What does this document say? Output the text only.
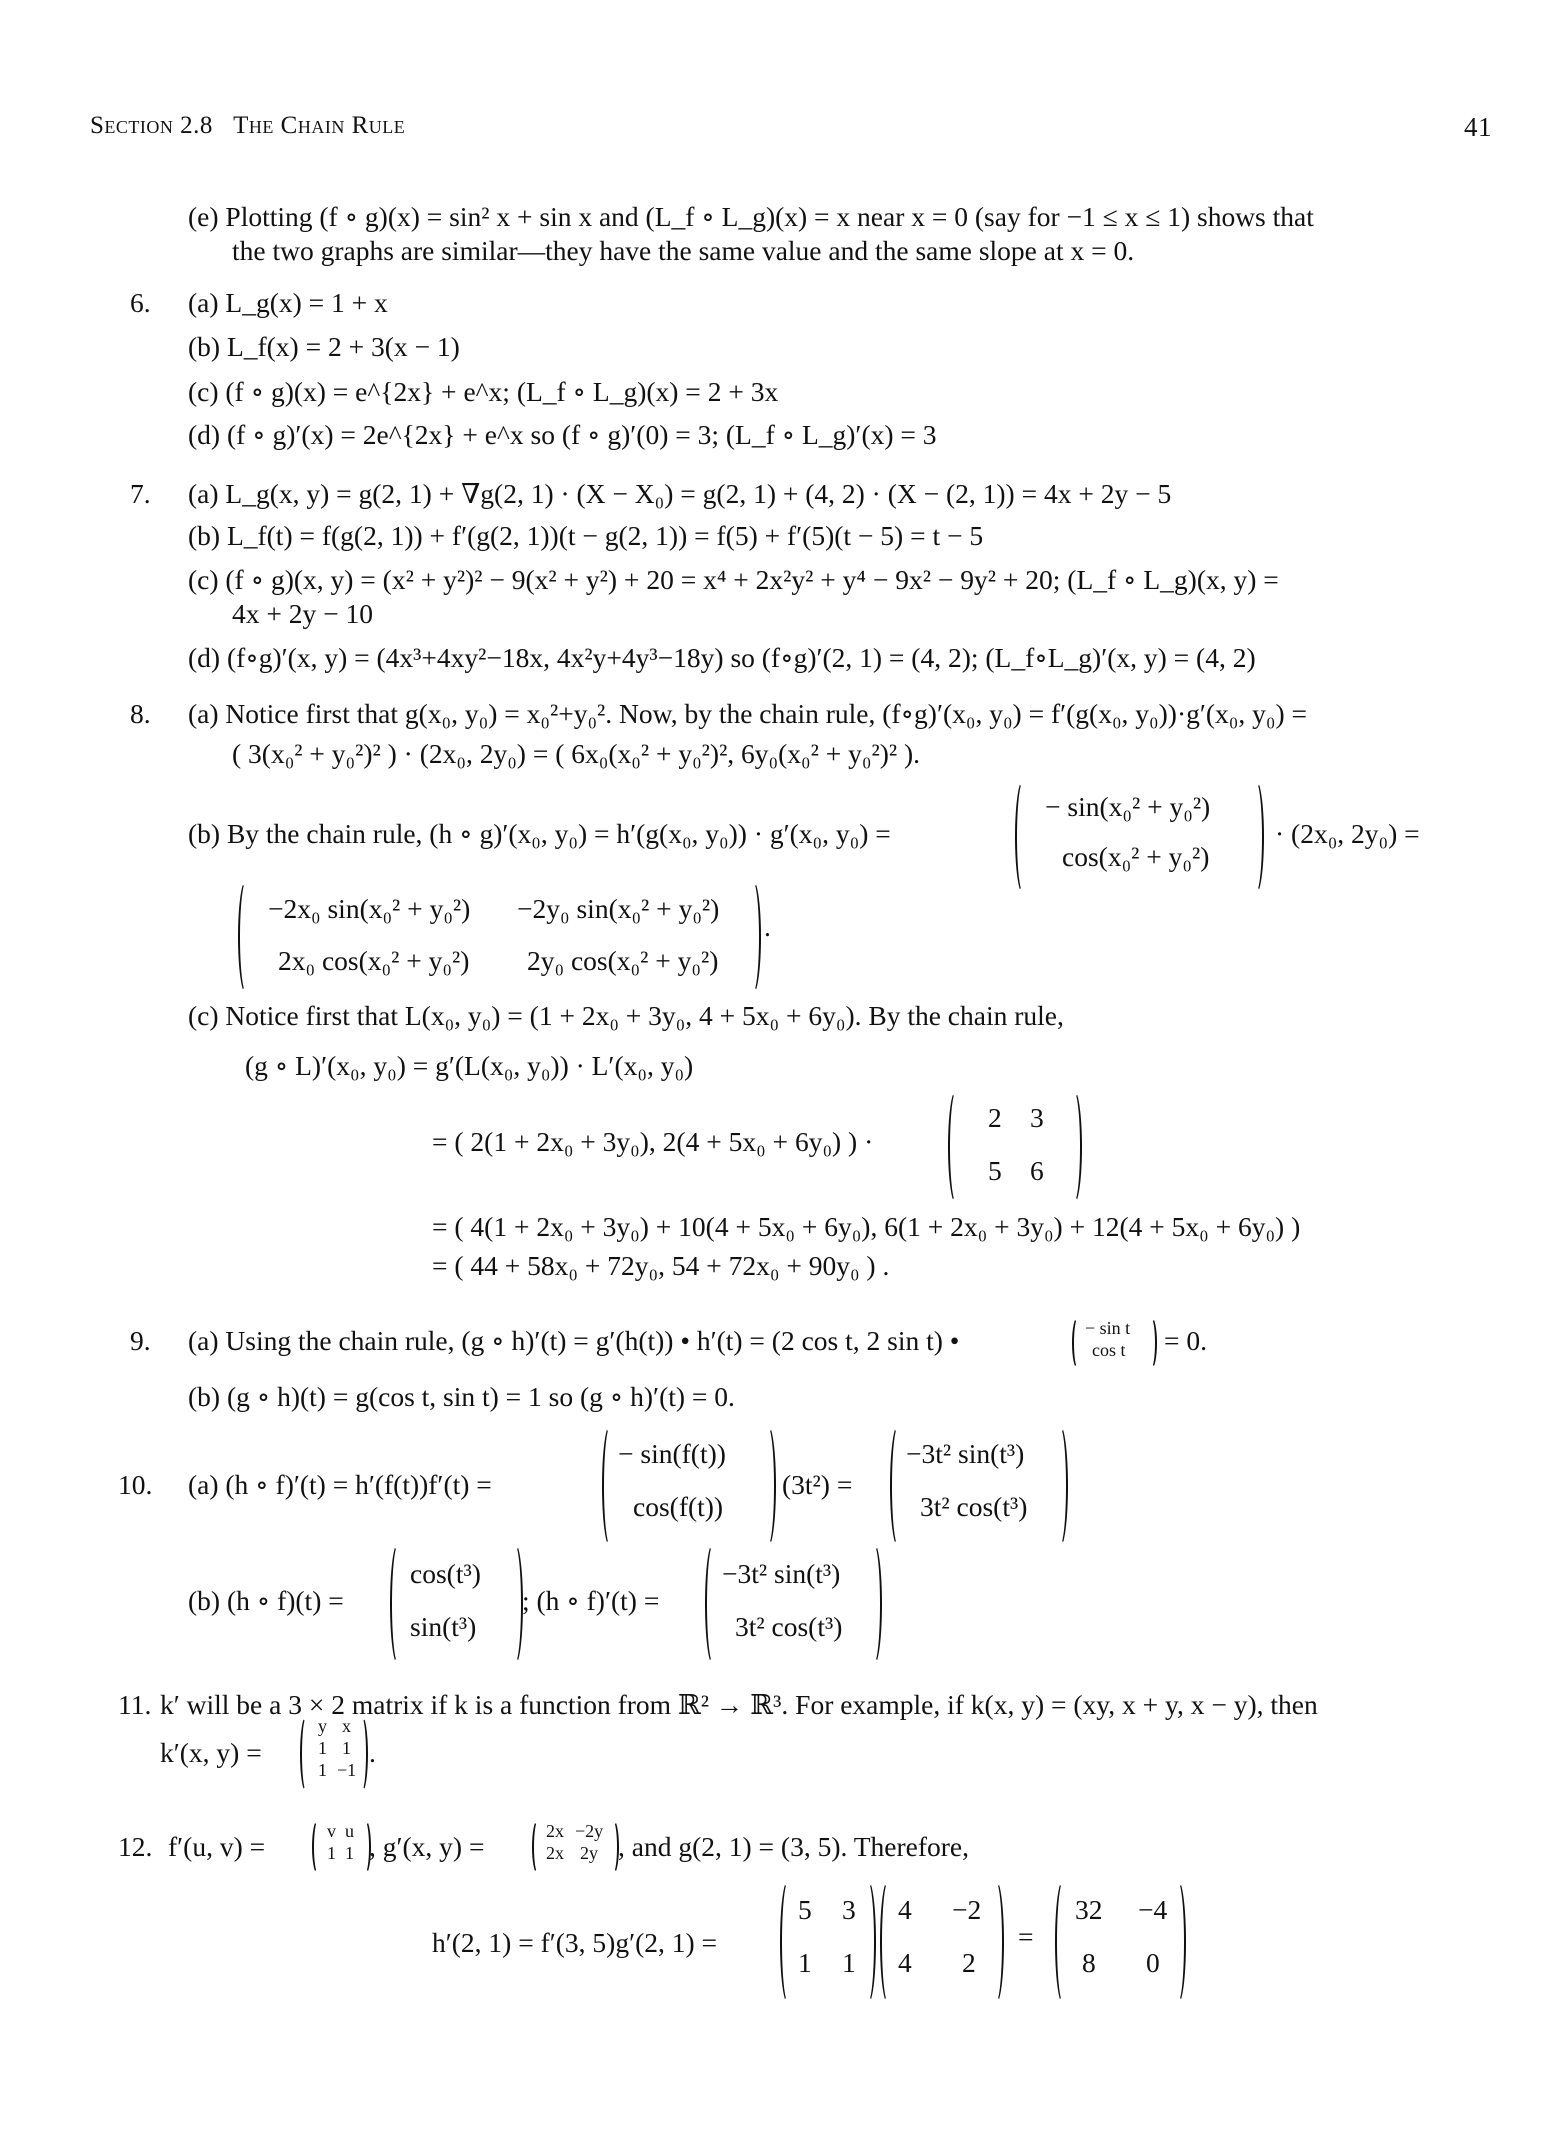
Section 2.8 The Chain Rule	41
(e) Plotting (f ∘ g)(x) = sin² x + sin x and (L_f ∘ L_g)(x) = x near x = 0 (say for −1 ≤ x ≤ 1) shows that
the two graphs are similar—they have the same value and the same slope at x = 0.
6. (a) L_g(x) = 1 + x
(b) L_f(x) = 2 + 3(x − 1)
(c) (f ∘ g)(x) = e^{2x} + e^x; (L_f ∘ L_g)(x) = 2 + 3x
(d) (f ∘ g)′(x) = 2e^{2x} + e^x so (f ∘ g)′(0) = 3; (L_f ∘ L_g)′(x) = 3
7. (a) L_g(x, y) = g(2, 1) + ∇g(2, 1) · (X − X₀) = g(2, 1) + (4, 2) · (X − (2, 1)) = 4x + 2y − 5
(b) L_f(t) = f(g(2, 1)) + f′(g(2, 1))(t − g(2, 1)) = f(5) + f′(5)(t − 5) = t − 5
(c) (f ∘ g)(x, y) = (x² + y²)² − 9(x² + y²) + 20 = x⁴ + 2x²y² + y⁴ − 9x² − 9y² + 20; (L_f ∘ L_g)(x, y) =
4x + 2y − 10
(d) (f∘g)′(x, y) = (4x³+4xy²−18x, 4x²y+4y³−18y) so (f∘g)′(2, 1) = (4, 2); (L_f∘L_g)′(x, y) = (4, 2)
8. (a) Notice first that g(x₀, y₀) = x₀²+y₀². Now, by the chain rule, (f∘g)′(x₀, y₀) = f′(g(x₀, y₀))·g′(x₀, y₀) =
( 3(x₀² + y₀²)² ) · (2x₀, 2y₀) = ( 6x₀(x₀² + y₀²)², 6y₀(x₀² + y₀²)² ).
(b) By the chain rule, (h ∘ g)′(x₀, y₀) = h′(g(x₀, y₀)) · g′(x₀, y₀) =
− sin(x₀² + y₀²)
cos(x₀² + y₀²)
· (2x₀, 2y₀) =
−2x₀ sin(x₀² + y₀²) −2y₀ sin(x₀² + y₀²)
2x₀ cos(x₀² + y₀²) 2y₀ cos(x₀² + y₀²)
.
(c) Notice first that L(x₀, y₀) = (1 + 2x₀ + 3y₀, 4 + 5x₀ + 6y₀). By the chain rule,
(g ∘ L)′(x₀, y₀) = g′(L(x₀, y₀)) · L′(x₀, y₀)
= ( 2(1 + 2x₀ + 3y₀), 2(4 + 5x₀ + 6y₀) ) ·
2 3
5 6
= ( 4(1 + 2x₀ + 3y₀) + 10(4 + 5x₀ + 6y₀), 6(1 + 2x₀ + 3y₀) + 12(4 + 5x₀ + 6y₀) )
= ( 44 + 58x₀ + 72y₀, 54 + 72x₀ + 90y₀ ) .
9. (a) Using the chain rule, (g ∘ h)′(t) = g′(h(t)) • h′(t) = (2 cos t, 2 sin t) •	− sin t
cos t = 0.
(b) (g ∘ h)(t) = g(cos t, sin t) = 1 so (g ∘ h)′(t) = 0.
10. (a) (h ∘ f)′(t) = h′(f(t))f′(t) =
− sin(f(t))
cos(f(t))
(3t²) =
−3t² sin(t³)
3t² cos(t³)
(b) (h ∘ f)(t) =
cos(t³)
sin(t³)
; (h ∘ f)′(t) =
−3t² sin(t³)
3t² cos(t³)
11. k′ will be a 3 × 2 matrix if k is a function from ℝ² → ℝ³. For example, if k(x, y) = (xy, x + y, x − y), then
k′(x, y) =
y x
1 1
1 −1
.
12. f′(u, v) =	v u
1 1 , g′(x, y) =	2x −2y
2x 2y , and g(2, 1) = (3, 5). Therefore,
h′(2, 1) = f′(3, 5)g′(2, 1) =
5 3
1 1
4 −2
4 2
=
32 −4
8 0
